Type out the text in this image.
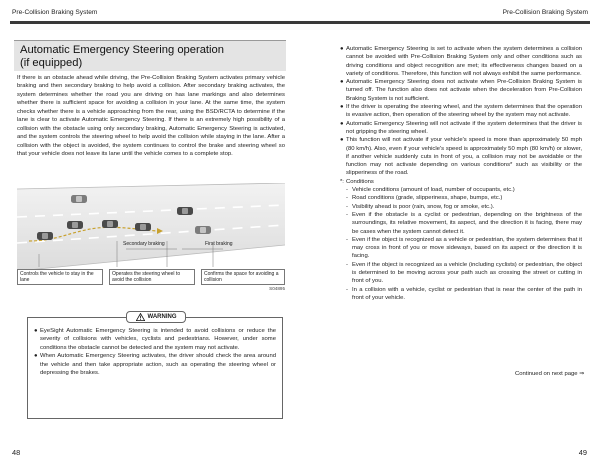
Pre-Collision Braking System
Automatic Emergency Steering operation
(if equipped)
If there is an obstacle ahead while driving, the Pre-Collision Braking System activates primary vehicle braking and then secondary braking to help avoid a collision. After secondary braking activates, the system determines whether the road you are driving on has lane markings and also determines whether there is sufficient space for avoiding a collision in your lane. At the same time, the system checks whether there is a vehicle approaching from the rear, using the BSD/RCTA to determine if the lane is clear to activate Automatic Emergency Steering. If there is an extremely high possibility of a collision with the obstacle using only secondary braking, Automatic Emergency Steering is activated, and the system controls the steering wheel to help avoid the collision while staying in the lane. After a collision with the object is avoided, the system continues to control the brake and steering wheel so that your vehicle does not leave its lane until the vehicle comes to a complete stop.
Secondary braking	First braking
Controls the vehicle to stay in the lane
Operates the steering wheel to avoid the collision
Confirms the space for avoiding a collision
S04895
WARNING
● EyeSight Automatic Emergency Steering is intended to avoid collisions or reduce the severity of collisions with vehicles, cyclists and pedestrians. However, under some conditions the obstacle cannot be detected and the system may not activate.
● When Automatic Emergency Steering activates, the driver should check the area around the vehicle and then take appropriate action, such as operating the steering wheel or depressing the brakes.
48
Pre-Collision Braking System
● Automatic Emergency Steering is set to activate when the system determines a collision cannot be avoided with Pre-Collision Braking System only and other conditions such as driving conditions and object recognition are met; its effectiveness changes based on a variety of conditions. Therefore, this function will not always exhibit the same performance.
● Automatic Emergency Steering does not activate when Pre-Collision Braking System is turned off. The function also does not activate when the deceleration from Pre-Collision Braking System is not sufficient.
● If the driver is operating the steering wheel, and the system determines that the operation is evasive action, then operation of the steering wheel by the system may not activate.
● Automatic Emergency Steering will not activate if the system determines that the driver is not gripping the steering wheel.
● This function will not activate if your vehicle's speed is more than approximately 50 mph (80 km/h). Also, even if your vehicle's speed is approximately 50 mph (80 km/h) or slower, if another vehicle suddenly cuts in front of you, a collision may not be avoidable or the function may not activate depending on various conditions* such as visibility or the slipperiness of the road.
*: Conditions
- Vehicle conditions (amount of load, number of occupants, etc.)
- Road conditions (grade, slipperiness, shape, bumps, etc.)
- Visibility ahead is poor (rain, snow, fog or smoke, etc.).
- Even if the obstacle is a cyclist or pedestrian, depending on the brightness of the surroundings, its relative movement, its aspect, and the direction it is facing, there may be cases when the system cannot detect it.
- Even if the object is recognized as a vehicle or pedestrian, the system determines that it may cross in front of you or move sideways, based on its aspect or the direction it is facing.
- Even if the object is recognized as a vehicle (including cyclists) or pedestrian, the object is determined to be moving across your path such as crossing the street or cutting in front of you.
- In a collision with a vehicle, cyclist or pedestrian that is near the center of the path in front of your vehicle.
Continued on next page ⇒
49
